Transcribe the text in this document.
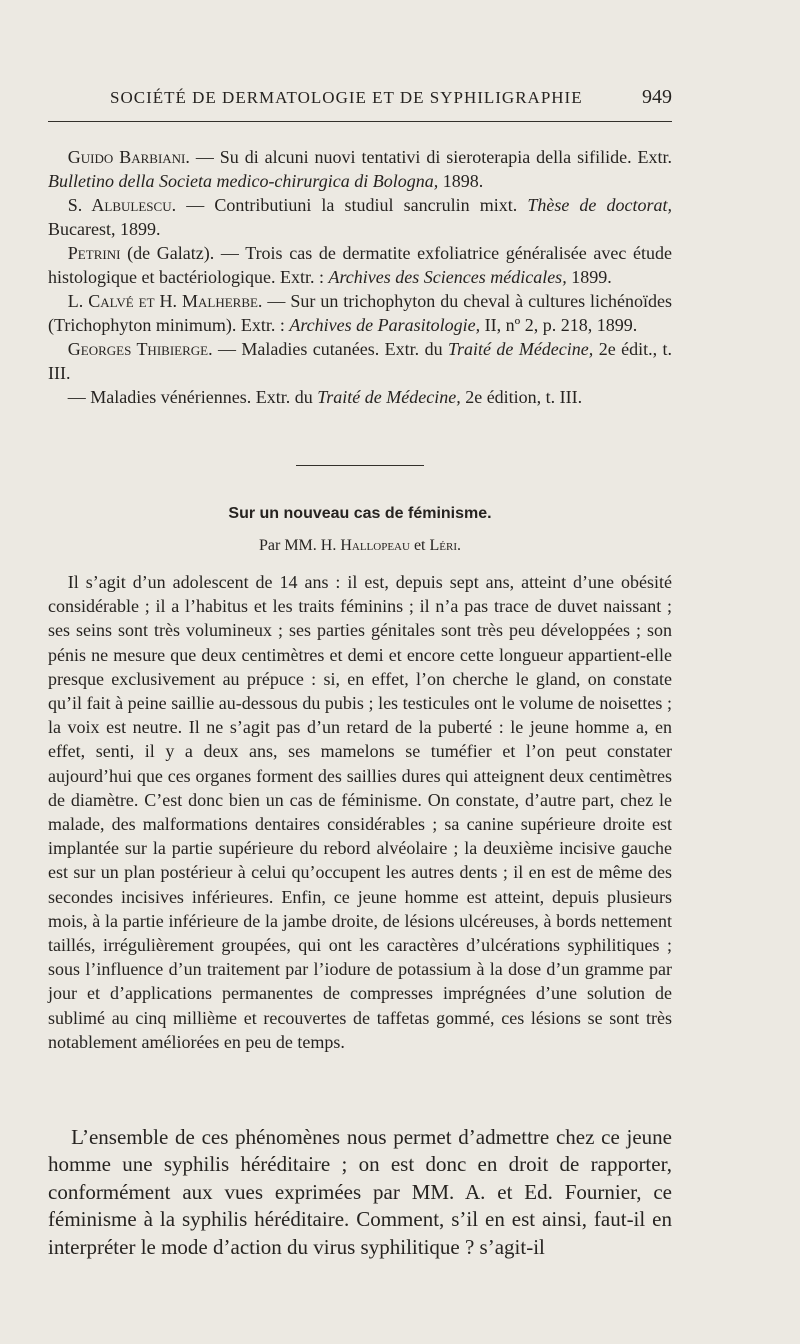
SOCIÉTÉ DE DERMATOLOGIE ET DE SYPHILIGRAPHIE	949

Guido Barbiani. — Su di alcuni nuovi tentativi di sieroterapia della sifilide. Extr. Bulletino della Societa medico-chirurgica di Bologna, 1898.

S. Albulescu. — Contributiuni la studiul sancrulin mixt. Thèse de doctorat, Bucarest, 1899.

Petrini (de Galatz). — Trois cas de dermatite exfoliatrice généralisée avec étude histologique et bactériologique. Extr. : Archives des Sciences médicales, 1899.

L. Calvé et H. Malherbe. — Sur un trichophyton du cheval à cultures lichénoïdes (Trichophyton minimum). Extr. : Archives de Parasitologie, II, nº 2, p. 218, 1899.

Georges Thibierge. — Maladies cutanées. Extr. du Traité de Médecine, 2e édit., t. III.

— Maladies vénériennes. Extr. du Traité de Médecine, 2e édition, t. III.

Sur un nouveau cas de féminisme.
Par MM. H. Hallopeau et Léri.

Il s’agit d’un adolescent de 14 ans : il est, depuis sept ans, atteint d’une obésité considérable ; il a l’habitus et les traits féminins ; il n’a pas trace de duvet naissant ; ses seins sont très volumineux ; ses parties génitales sont très peu développées ; son pénis ne mesure que deux centimètres et demi et encore cette longueur appartient-elle presque exclusivement au prépuce : si, en effet, l’on cherche le gland, on constate qu’il fait à peine saillie au-dessous du pubis ; les testicules ont le volume de noisettes ; la voix est neutre. Il ne s’agit pas d’un retard de la puberté : le jeune homme a, en effet, senti, il y a deux ans, ses mamelons se tuméfier et l’on peut constater aujourd’hui que ces organes forment des saillies dures qui atteignent deux centimètres de diamètre. C’est donc bien un cas de féminisme. On constate, d’autre part, chez le malade, des malformations dentaires considérables ; sa canine supérieure droite est implantée sur la partie supérieure du rebord alvéolaire ; la deuxième incisive gauche est sur un plan postérieur à celui qu’occupent les autres dents ; il en est de même des secondes incisives inférieures. Enfin, ce jeune homme est atteint, depuis plusieurs mois, à la partie inférieure de la jambe droite, de lésions ulcéreuses, à bords nettement taillés, irrégulièrement groupées, qui ont les caractères d’ulcérations syphilitiques ; sous l’influence d’un traitement par l’iodure de potassium à la dose d’un gramme par jour et d’applications permanentes de compresses imprégnées d’une solution de sublimé au cinq millième et recouvertes de taffetas gommé, ces lésions se sont très notablement améliorées en peu de temps.

L’ensemble de ces phénomènes nous permet d’admettre chez ce jeune homme une syphilis héréditaire ; on est donc en droit de rapporter, conformément aux vues exprimées par MM. A. et Ed. Fournier, ce féminisme à la syphilis héréditaire. Comment, s’il en est ainsi, faut-il en interpréter le mode d’action du virus syphilitique ? s’agit-il
